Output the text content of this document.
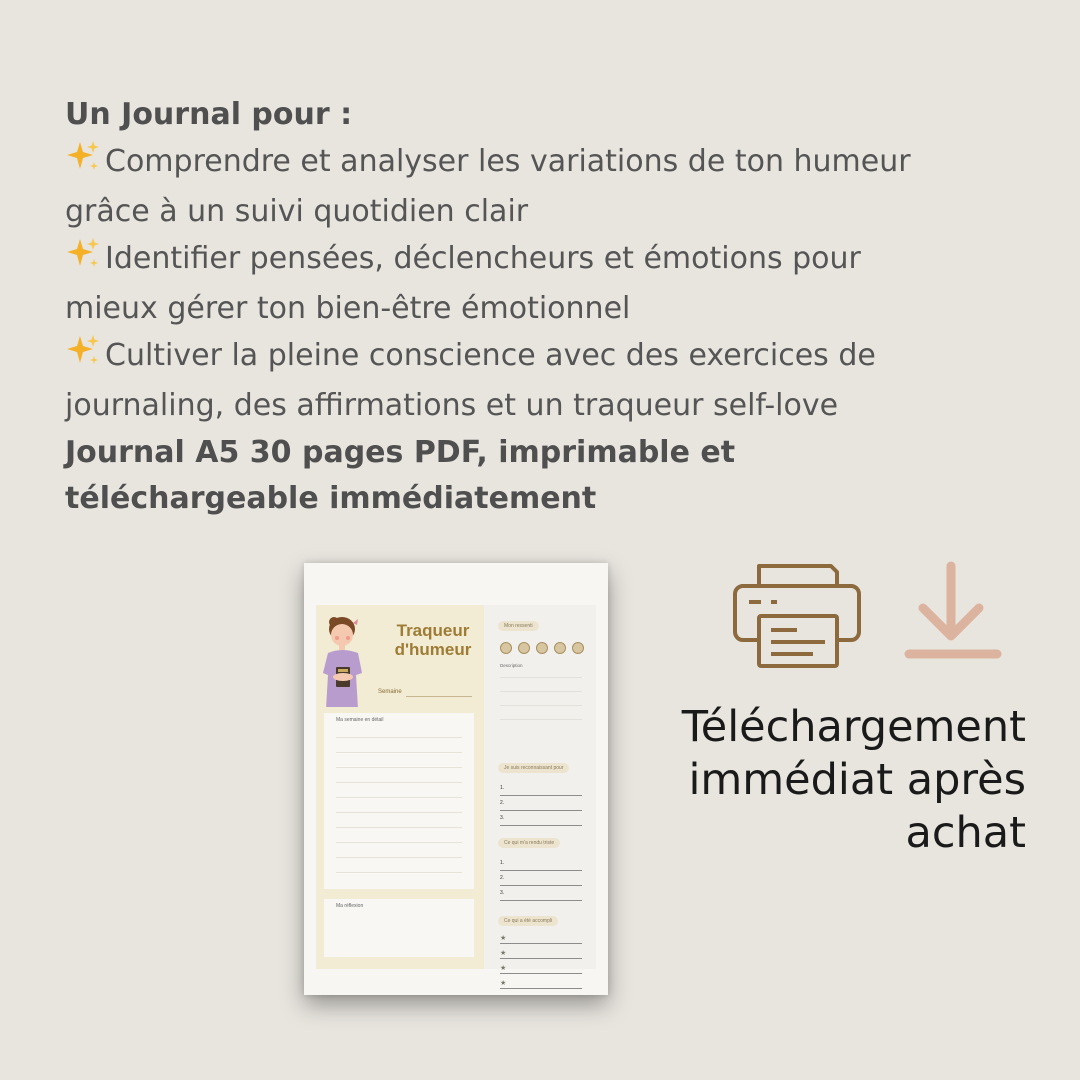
Un Journal pour :
Comprendre et analyser les variations de ton humeur
grâce à un suivi quotidien clair
Identifier pensées, déclencheurs et émotions pour
mieux gérer ton bien-être émotionnel
Cultiver la pleine conscience avec des exercices de
journaling, des affirmations et un traqueur self-love
Journal A5 30 pages PDF, imprimable et
téléchargeable immédiatement
Traqueur
d'humeur
Semaine
Ma semaine en détail
Ma réflexion
Mon ressenti
Description
Je suis reconnaissant pour
1.
2.
3.
Ce qui m'a rendu triste
1.
2.
3.
Ce qui a été accompli
★
★
★
★
Téléchargement
immédiat après
achat
